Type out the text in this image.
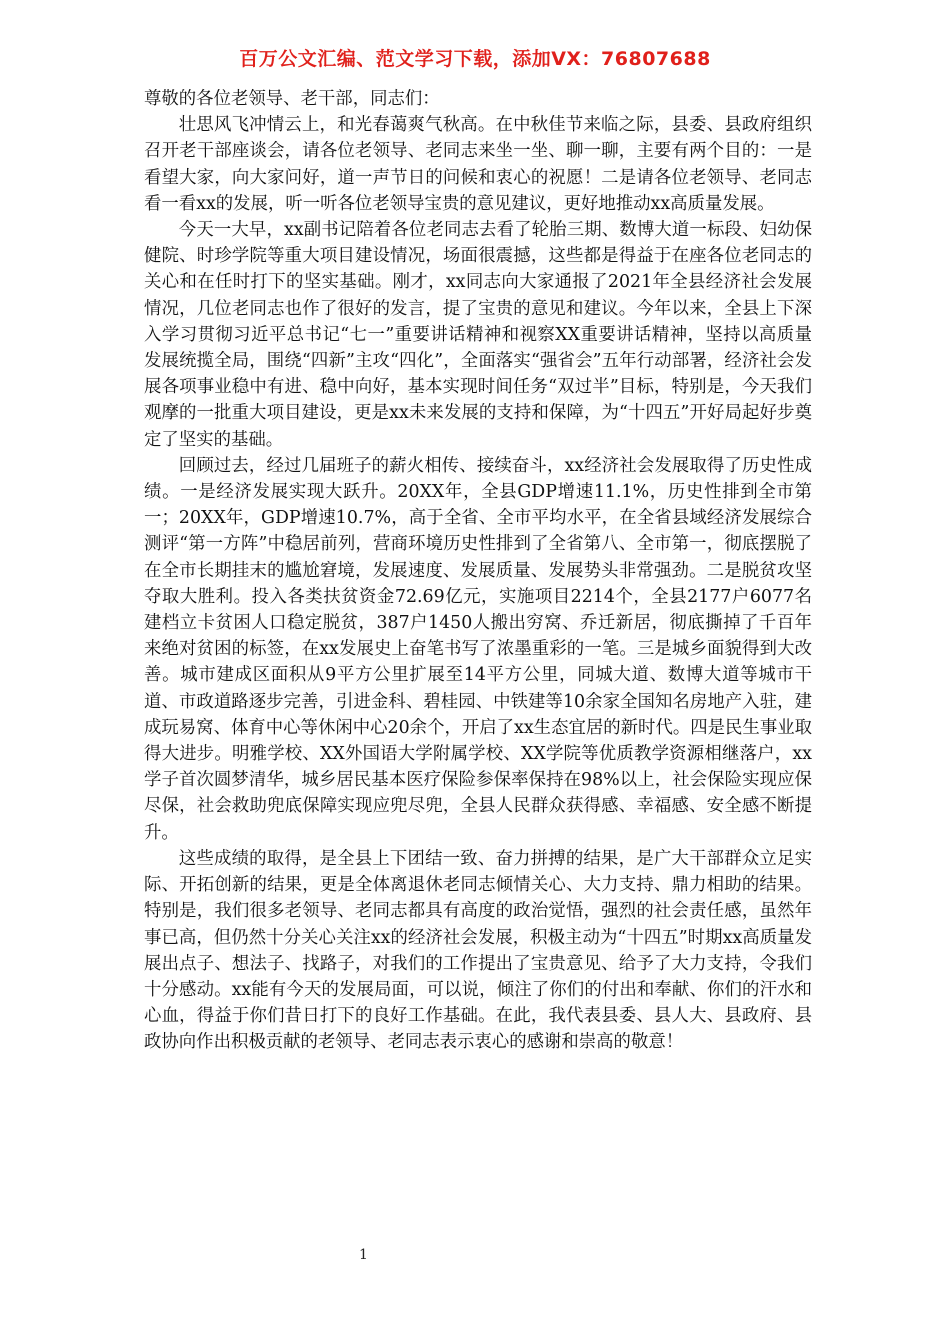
百万公文汇编、范文学习下载，添加VX：76807688

尊敬的各位老领导、老干部，同志们：

壮思风飞冲情云上，和光春蔼爽气秋高。在中秋佳节来临之际，县委、县政府组织召开老干部座谈会，请各位老领导、老同志来坐一坐、聊一聊，主要有两个目的：一是看望大家，向大家问好，道一声节日的问候和衷心的祝愿！二是请各位老领导、老同志看一看xx的发展，听一听各位老领导宝贵的意见建议，更好地推动xx高质量发展。

今天一大早，xx副书记陪着各位老同志去看了轮胎三期、数博大道一标段、妇幼保健院、时珍学院等重大项目建设情况，场面很震撼，这些都是得益于在座各位老同志的关心和在任时打下的坚实基础。刚才，xx同志向大家通报了2021年全县经济社会发展情况，几位老同志也作了很好的发言，提了宝贵的意见和建议。今年以来，全县上下深入学习贯彻习近平总书记“七一”重要讲话精神和视察XX重要讲话精神，坚持以高质量发展统揽全局，围绕“四新”主攻“四化”，全面落实“强省会”五年行动部署，经济社会发展各项事业稳中有进、稳中向好，基本实现时间任务“双过半”目标，特别是，今天我们观摩的一批重大项目建设，更是xx未来发展的支持和保障，为“十四五”开好局起好步奠定了坚实的基础。

回顾过去，经过几届班子的薪火相传、接续奋斗，xx经济社会发展取得了历史性成绩。一是经济发展实现大跃升。20XX年，全县GDP增速11.1%，历史性排到全市第一；20XX年，GDP增速10.7%，高于全省、全市平均水平，在全省县域经济发展综合测评“第一方阵”中稳居前列，营商环境历史性排到了全省第八、全市第一，彻底摆脱了在全市长期挂末的尴尬窘境，发展速度、发展质量、发展势头非常强劲。二是脱贫攻坚夺取大胜利。投入各类扶贫资金72.69亿元，实施项目2214个，全县2177户6077名建档立卡贫困人口稳定脱贫，387户1450人搬出穷窝、乔迁新居，彻底撕掉了千百年来绝对贫困的标签，在xx发展史上奋笔书写了浓墨重彩的一笔。三是城乡面貌得到大改善。城市建成区面积从9平方公里扩展至14平方公里，同城大道、数博大道等城市干道、市政道路逐步完善，引进金科、碧桂园、中铁建等10余家全国知名房地产入驻，建成玩易窝、体育中心等休闲中心20余个，开启了xx生态宜居的新时代。四是民生事业取得大进步。明雅学校、XX外国语大学附属学校、XX学院等优质教学资源相继落户，xx学子首次圆梦清华，城乡居民基本医疗保险参保率保持在98%以上，社会保险实现应保尽保，社会救助兜底保障实现应兜尽兜，全县人民群众获得感、幸福感、安全感不断提升。

这些成绩的取得，是全县上下团结一致、奋力拼搏的结果，是广大干部群众立足实际、开拓创新的结果，更是全体离退休老同志倾情关心、大力支持、鼎力相助的结果。特别是，我们很多老领导、老同志都具有高度的政治觉悟，强烈的社会责任感，虽然年事已高，但仍然十分关心关注xx的经济社会发展，积极主动为“十四五”时期xx高质量发展出点子、想法子、找路子，对我们的工作提出了宝贵意见、给予了大力支持，令我们十分感动。xx能有今天的发展局面，可以说，倾注了你们的付出和奉献、你们的汗水和心血，得益于你们昔日打下的良好工作基础。在此，我代表县委、县人大、县政府、县政协向作出积极贡献的老领导、老同志表示衷心的感谢和崇高的敬意！

1
